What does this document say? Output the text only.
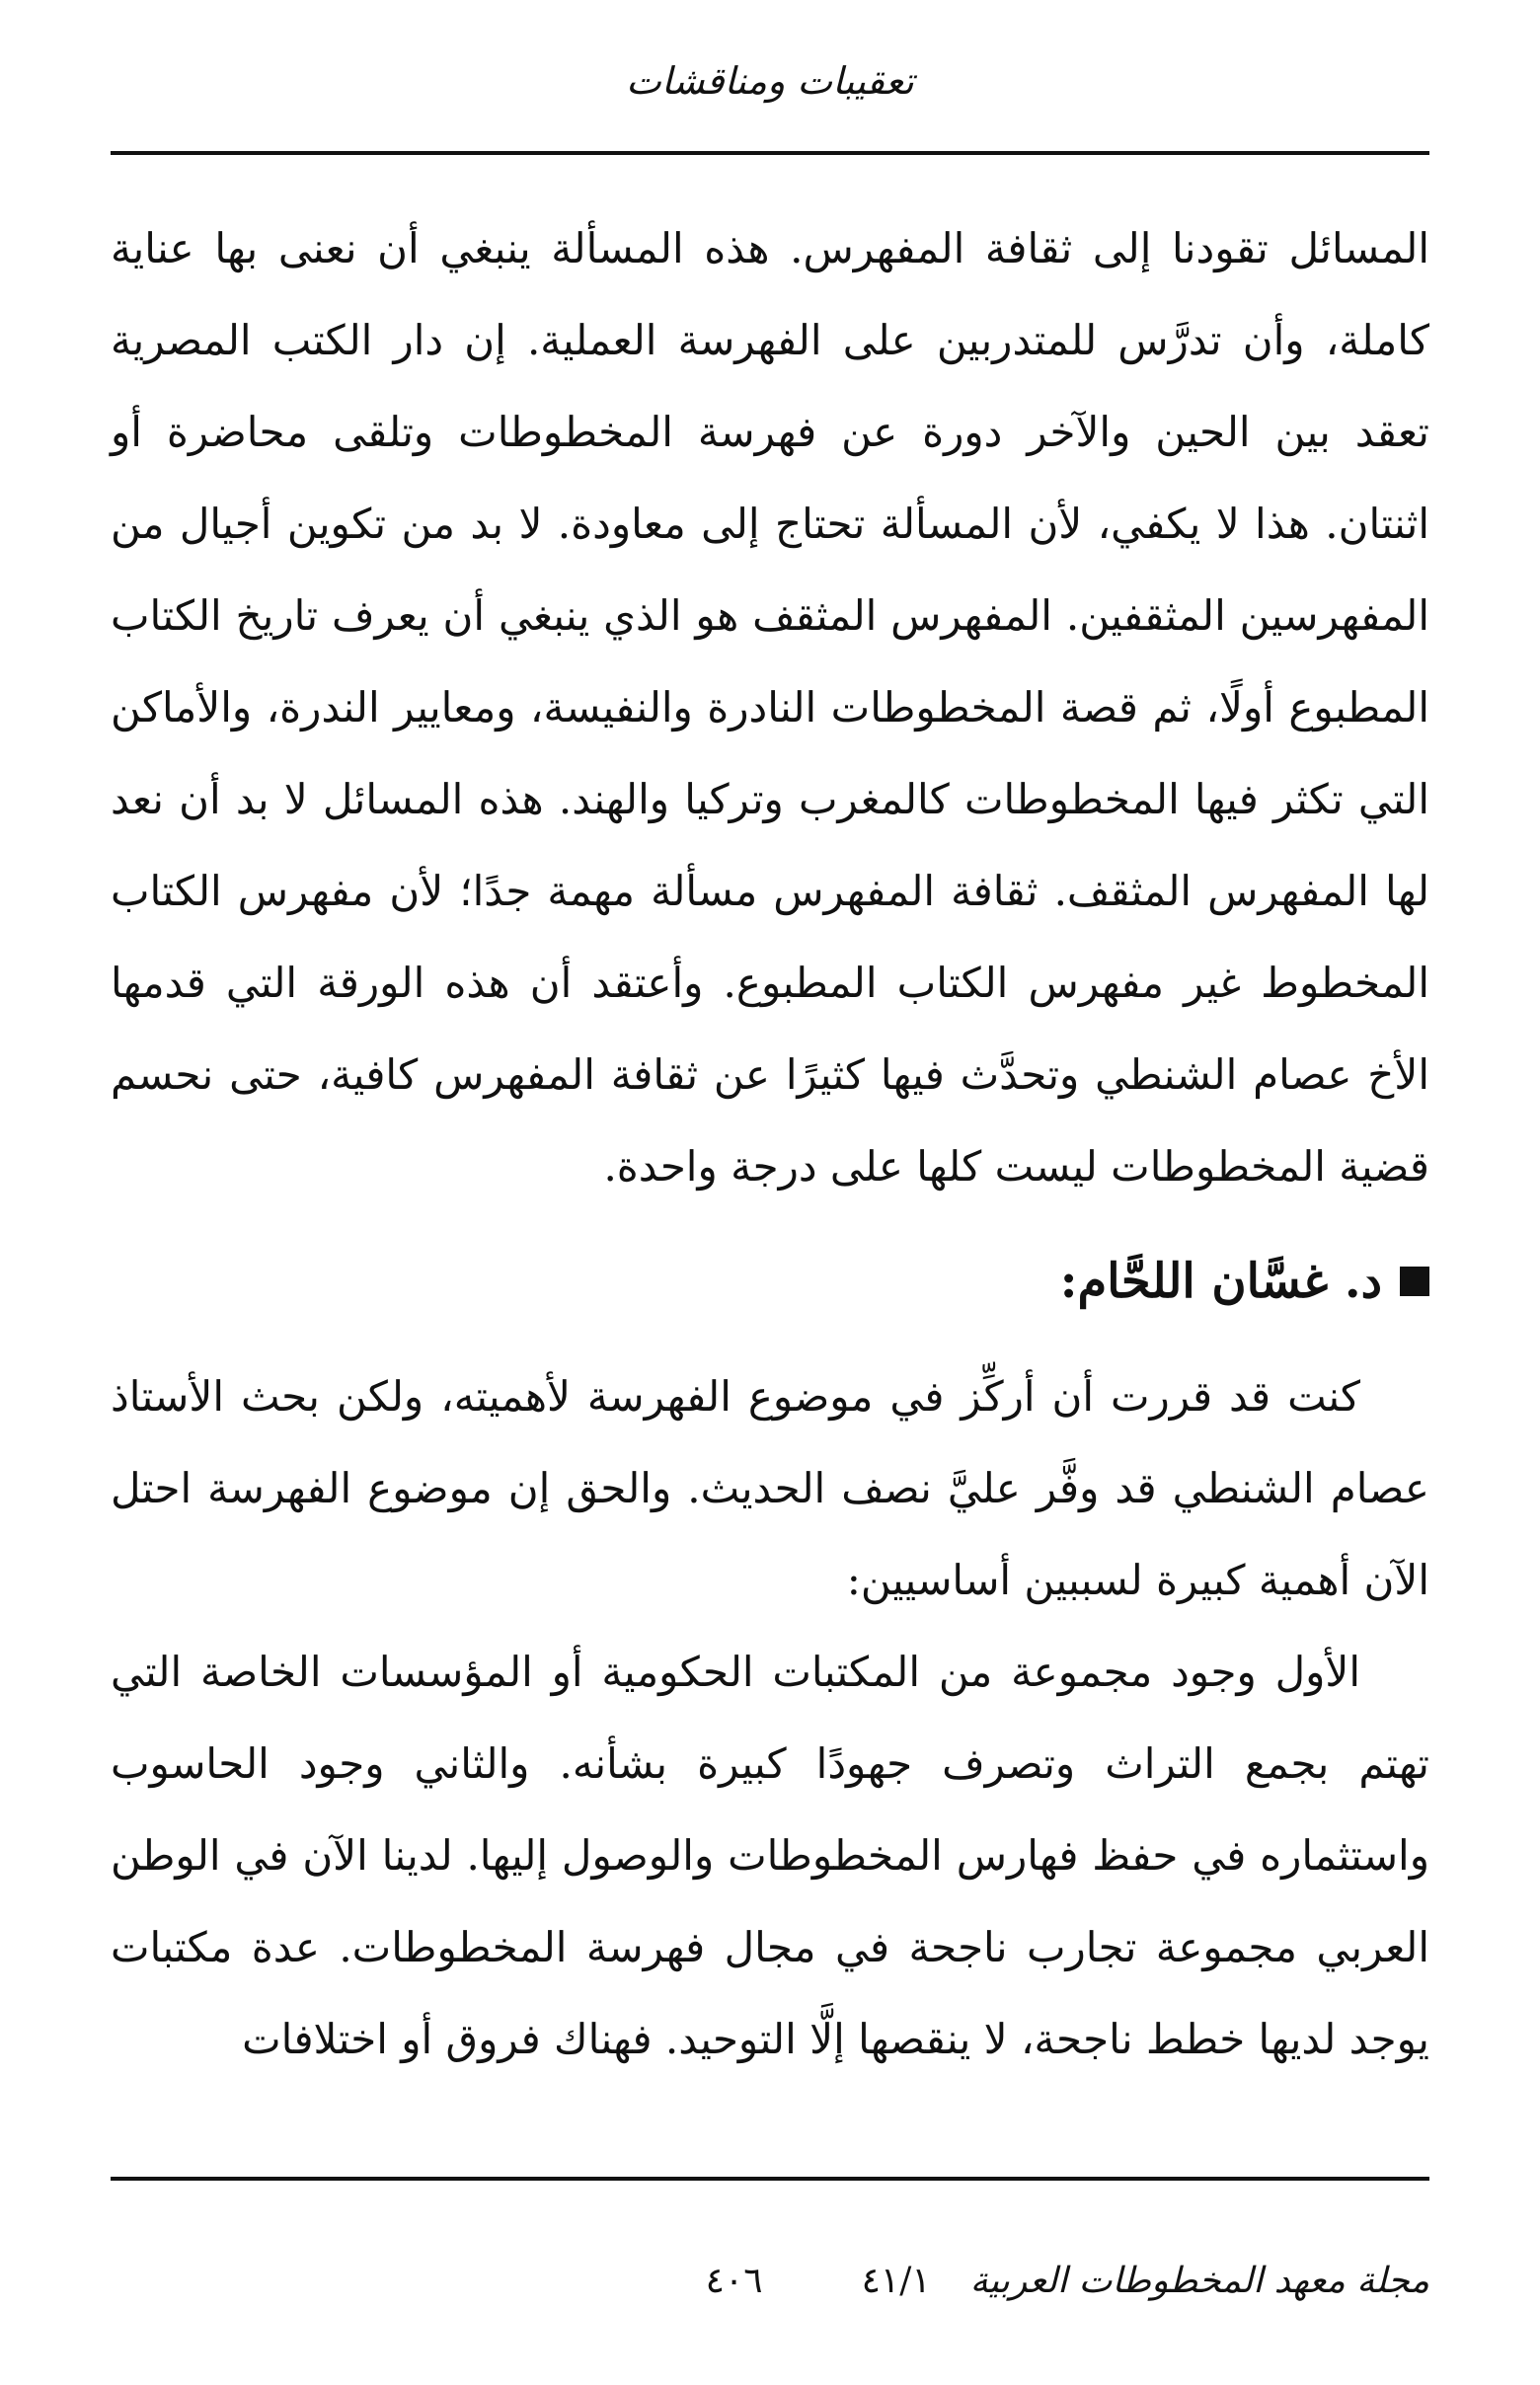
تعقيبات ومناقشات

المسائل تقودنا إلى ثقافة المفهرس. هذه المسألة ينبغي أن نعنى بها عناية كاملة، وأن تدرَّس للمتدربين على الفهرسة العملية. إن دار الكتب المصرية تعقد بين الحين والآخر دورة عن فهرسة المخطوطات وتلقى محاضرة أو اثنتان. هذا لا يكفي، لأن المسألة تحتاج إلى معاودة. لا بد من تكوين أجيال من المفهرسين المثقفين. المفهرس المثقف هو الذي ينبغي أن يعرف تاريخ الكتاب المطبوع أولًا، ثم قصة المخطوطات النادرة والنفيسة، ومعايير الندرة، والأماكن التي تكثر فيها المخطوطات كالمغرب وتركيا والهند. هذه المسائل لا بد أن نعد لها المفهرس المثقف. ثقافة المفهرس مسألة مهمة جدًا؛ لأن مفهرس الكتاب المخطوط غير مفهرس الكتاب المطبوع. وأعتقد أن هذه الورقة التي قدمها الأخ عصام الشنطي وتحدَّث فيها كثيرًا عن ثقافة المفهرس كافية، حتى نحسم قضية المخطوطات ليست كلها على درجة واحدة.

د. غسَّان اللحَّام:

كنت قد قررت أن أركِّز في موضوع الفهرسة لأهميته، ولكن بحث الأستاذ عصام الشنطي قد وفَّر عليَّ نصف الحديث. والحق إن موضوع الفهرسة احتل الآن أهمية كبيرة لسببين أساسيين:

الأول وجود مجموعة من المكتبات الحكومية أو المؤسسات الخاصة التي تهتم بجمع التراث وتصرف جهودًا كبيرة بشأنه. والثاني وجود الحاسوب واستثماره في حفظ فهارس المخطوطات والوصول إليها. لدينا الآن في الوطن العربي مجموعة تجارب ناجحة في مجال فهرسة المخطوطات. عدة مكتبات يوجد لديها خطط ناجحة، لا ينقصها إلَّا التوحيد. فهناك فروق أو اختلافات

مجلة معهد المخطوطات العربية
٤١/١
٤٠٦
